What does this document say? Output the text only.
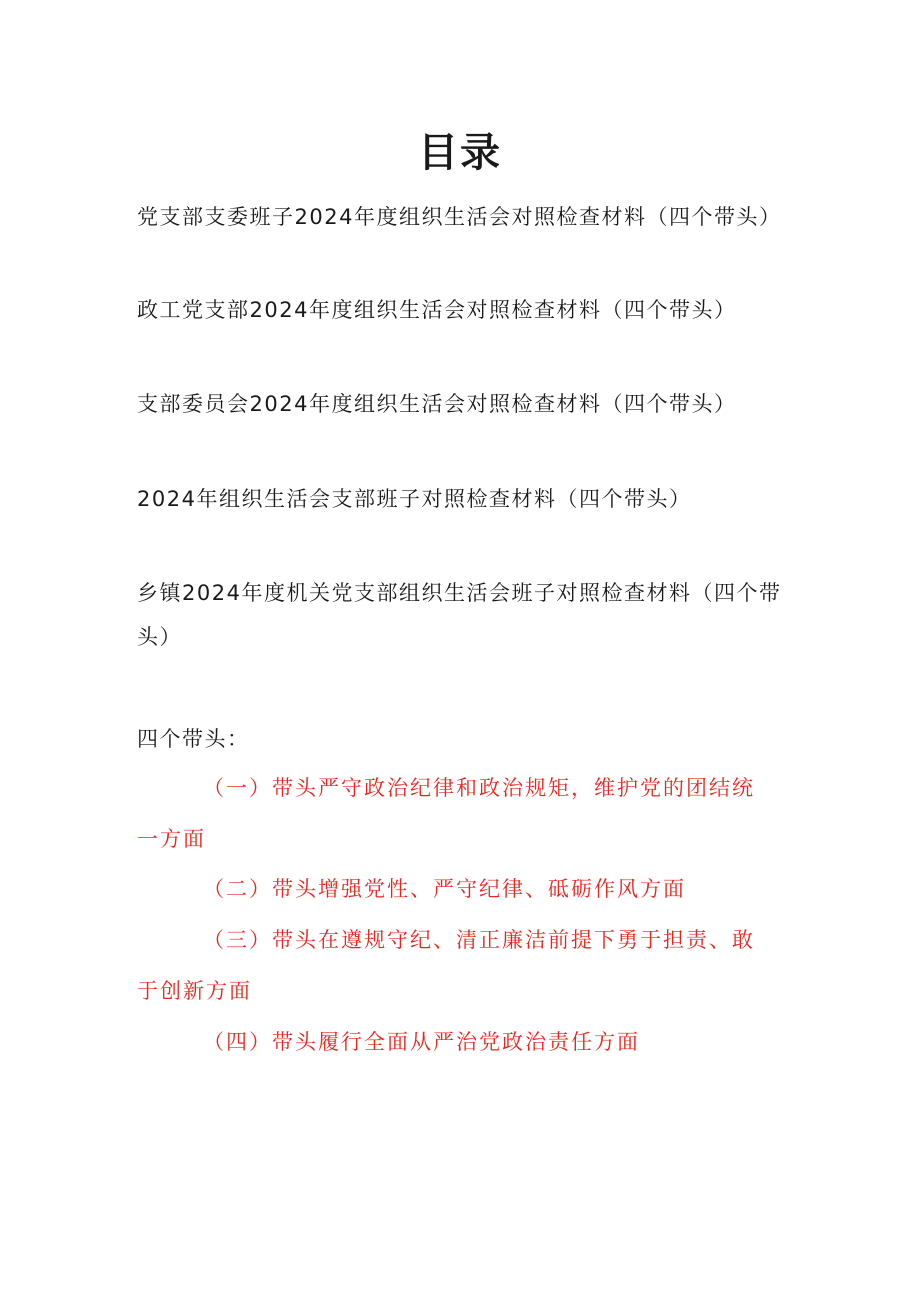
目录
党支部支委班子2024年度组织生活会对照检查材料（四个带头）
政工党支部2024年度组织生活会对照检查材料（四个带头）
支部委员会2024年度组织生活会对照检查材料（四个带头）
2024年组织生活会支部班子对照检查材料（四个带头）
乡镇2024年度机关党支部组织生活会班子对照检查材料（四个带头）
四个带头：
（一）带头严守政治纪律和政治规矩，维护党的团结统一方面
（二）带头增强党性、严守纪律、砥砺作风方面
（三）带头在遵规守纪、清正廉洁前提下勇于担责、敢于创新方面
（四）带头履行全面从严治党政治责任方面
